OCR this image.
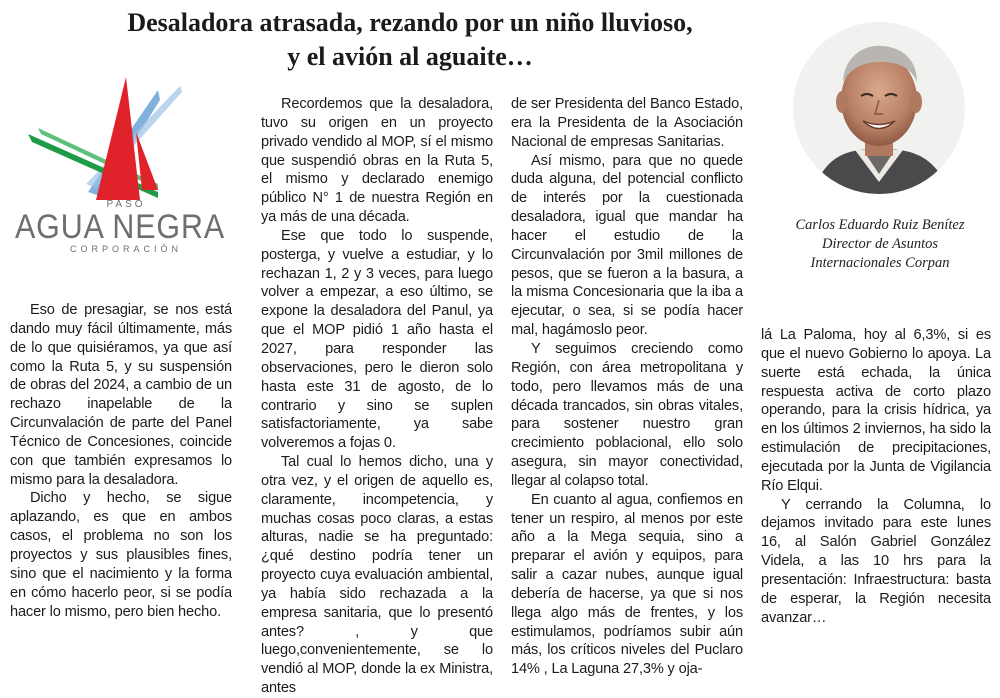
Desaladora atrasada, rezando por un niño lluvioso,
y el avión al aguaite…
PASO
AGUA NEGRA
CORPORACIÓN
Carlos Eduardo Ruiz Benítez
Director de Asuntos
Internacionales Corpan

Eso de presagiar, se nos está dando muy fácil últimamente, más de lo que quisiéramos, ya que así como la Ruta 5, y su suspensión de obras del 2024, a cambio de un rechazo inapelable de la Circunvalación de parte del Panel Técnico de Concesiones, coincide con que también expresamos lo mismo para la desaladora.

Dicho y hecho, se sigue aplazando, es que en ambos casos, el problema no son los proyectos y sus plausibles fines, sino que el nacimiento y la forma en cómo hacerlo peor, si se podía hacer lo mismo, pero bien hecho.

Recordemos que la desaladora, tuvo su origen en un proyecto privado vendido al MOP, sí el mismo que suspendió obras en la Ruta 5, el mismo y declarado enemigo público N° 1 de nuestra Región en ya más de una década.

Ese que todo lo suspende, posterga, y vuelve a estudiar, y lo rechazan 1, 2 y 3 veces, para luego volver a empezar, a eso último, se expone la desaladora del Panul, ya que el MOP pidió 1 año hasta el 2027, para responder las observaciones, pero le dieron solo hasta este 31 de agosto, de lo contrario y sino se suplen satisfactoriamente, ya sabe volveremos a fojas 0.

Tal cual lo hemos dicho, una y otra vez, y el origen de aquello es, claramente, incompetencia, y muchas cosas poco claras, a estas alturas, nadie se ha preguntado: ¿qué destino podría tener un proyecto cuya evaluación ambiental, ya había sido rechazada a la empresa sanitaria, que lo presentó antes? , y que luego,convenientemente, se lo vendió al MOP, donde la ex Ministra, antes

de ser Presidenta del Banco Estado, era la Presidenta de la Asociación Nacional de empresas Sanitarias.

Así mismo, para que no quede duda alguna, del potencial conflicto de interés por la cuestionada desaladora, igual que mandar ha hacer el estudio de la Circunvalación por 3mil millones de pesos, que se fueron a la basura, a la misma Concesionaria que la iba a ejecutar, o sea, si se podía hacer mal, hagámoslo peor.

Y seguimos creciendo como Región, con área metropolitana y todo, pero llevamos más de una década trancados, sin obras vitales, para sostener nuestro gran crecimiento poblacional, ello solo asegura, sin mayor conectividad, llegar al colapso total.

En cuanto al agua, confiemos en tener un respiro, al menos por este año a la Mega sequia, sino a preparar el avión y equipos, para salir a cazar nubes, aunque igual debería de hacerse, ya que si nos llega algo más de frentes, y los estimulamos, podríamos subir aún más, los críticos niveles del Puclaro 14% , La Laguna 27,3% y oja-

lá La Paloma, hoy al 6,3%, si es que el nuevo Gobierno lo apoya. La suerte está echada, la única respuesta activa de corto plazo operando, para la crisis hídrica, ya en los últimos 2 inviernos, ha sido la estimulación de precipitaciones, ejecutada por la Junta de Vigilancia Río Elqui.

Y cerrando la Columna, lo dejamos invitado para este lunes 16, al Salón Gabriel González Videla, a las 10 hrs para la presentación: Infraestructura: basta de esperar, la Región necesita avanzar…
